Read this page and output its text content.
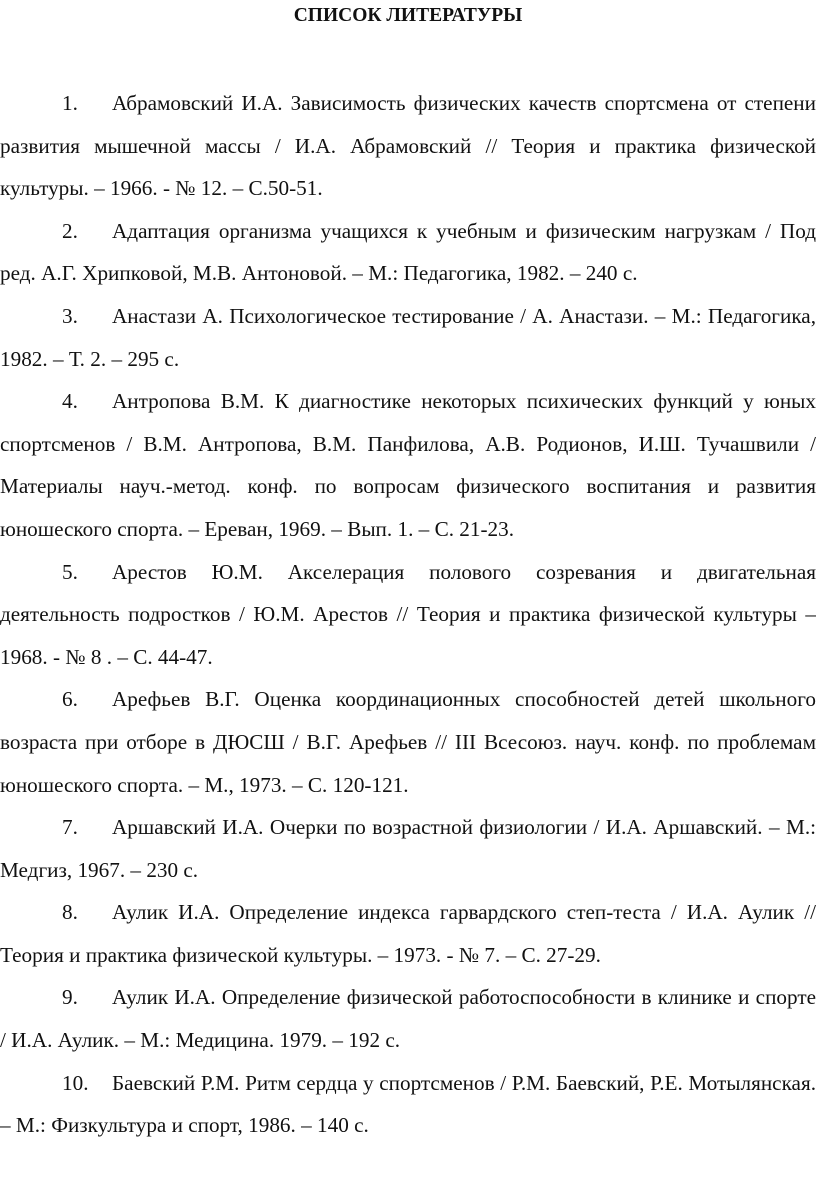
СПИСОК ЛИТЕРАТУРЫ

1. Абрамовский И.А. Зависимость физических качеств спортсмена от степени развития мышечной массы / И.А. Абрамовский // Теория и практика физической культуры. – 1966. - № 12. – С.50-51.

2. Адаптация организма учащихся к учебным и физическим нагрузкам / Под ред. А.Г. Хрипковой, М.В. Антоновой. – М.: Педагогика, 1982. – 240 с.

3. Анастази А. Психологическое тестирование / А. Анастази. – М.: Педагогика, 1982. – Т. 2. – 295 с.

4. Антропова В.М. К диагностике некоторых психических функций у юных спортсменов / В.М. Антропова, В.М. Панфилова, А.В. Родионов, И.Ш. Тучашвили / Материалы науч.-метод. конф. по вопросам физического воспитания и развития юношеского спорта. – Ереван, 1969. – Вып. 1. – С. 21-23.

5. Арестов Ю.М. Акселерация полового созревания и двигательная деятельность подростков / Ю.М. Арестов // Теория и практика физической культуры – 1968. - № 8 . – С. 44-47.

6. Арефьев В.Г. Оценка координационных способностей детей школьного возраста при отборе в ДЮСШ / В.Г. Арефьев // III Всесоюз. науч. конф. по проблемам юношеского спорта. – М., 1973. – С. 120-121.

7. Аршавский И.А. Очерки по возрастной физиологии / И.А. Аршавский. – М.: Медгиз, 1967. – 230 с.

8. Аулик И.А. Определение индекса гарвардского степ-теста / И.А. Аулик // Теория и практика физической культуры. – 1973. - № 7. – С. 27-29.

9. Аулик И.А. Определение физической работоспособности в клинике и спорте / И.А. Аулик. – М.: Медицина. 1979. – 192 с.

10. Баевский Р.М. Ритм сердца у спортсменов / Р.М. Баевский, Р.Е. Мотылянская. – М.: Физкультура и спорт, 1986. – 140 с.
